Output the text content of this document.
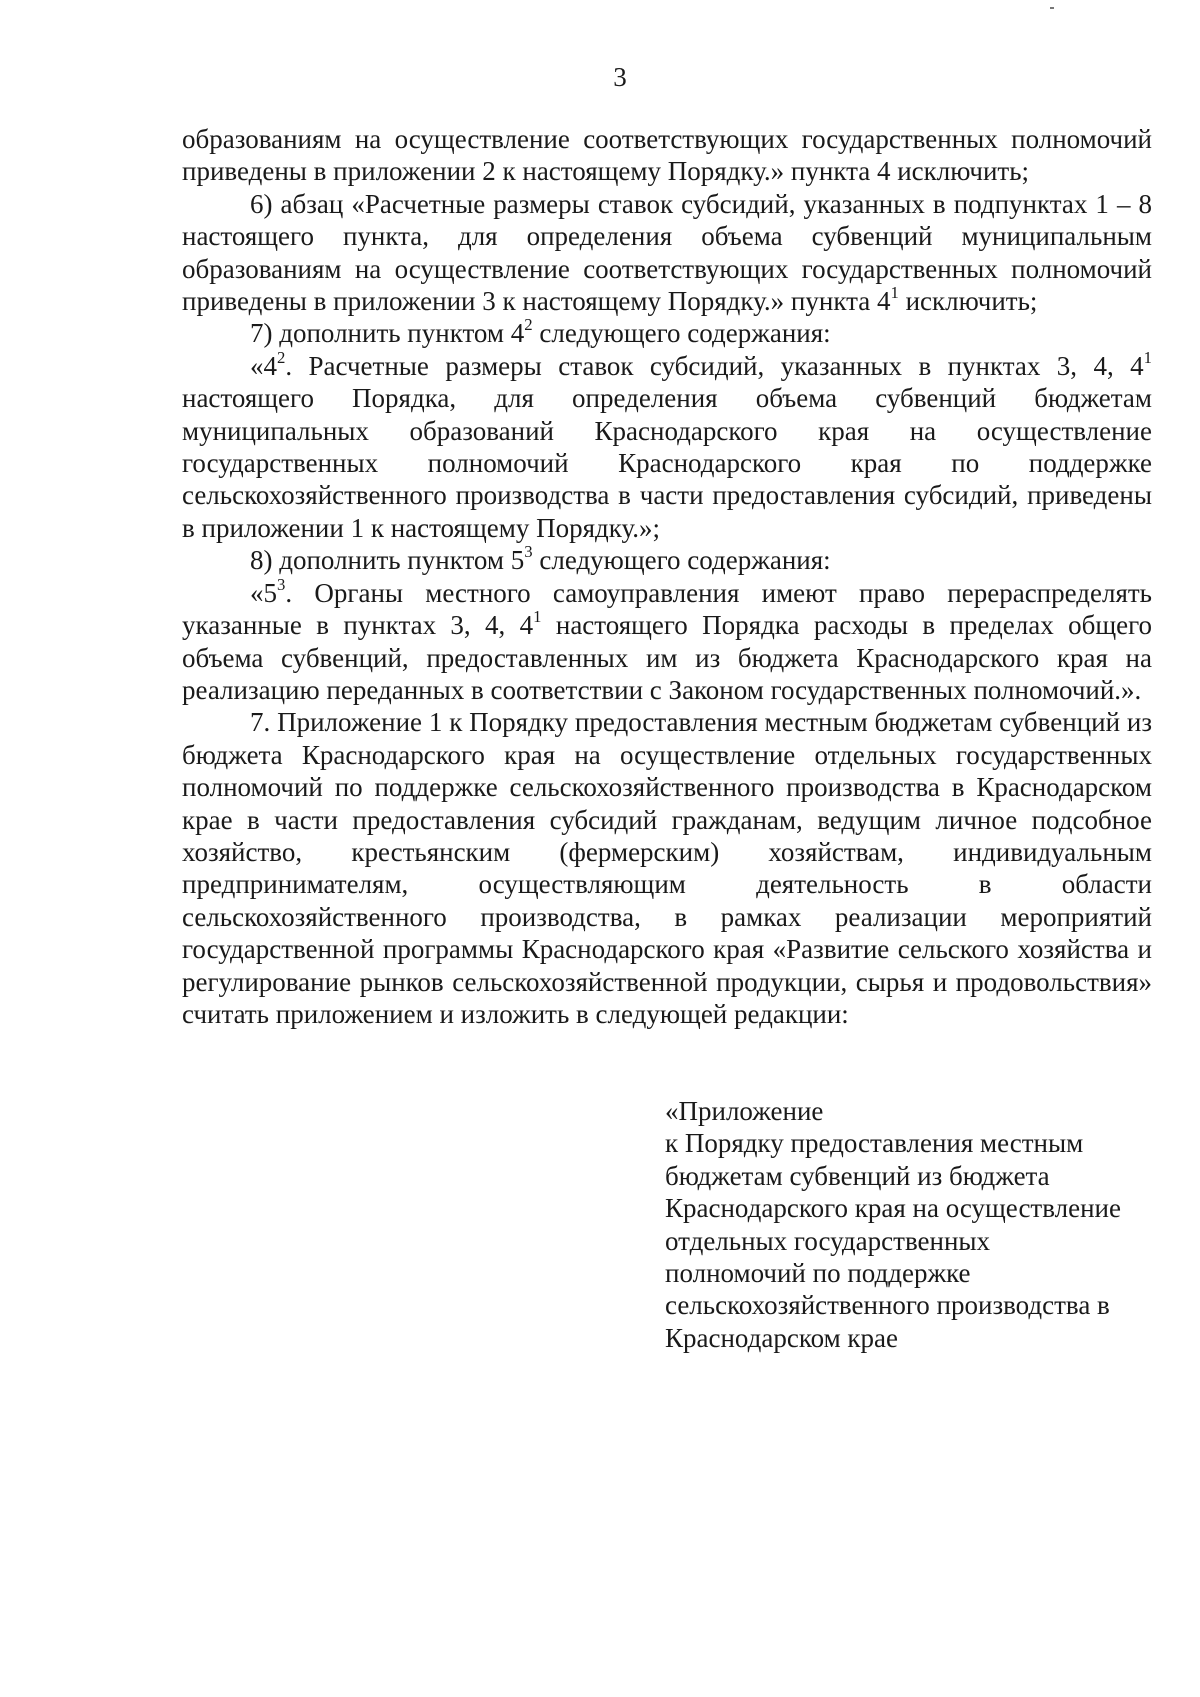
3

образованиям на осуществление соответствующих государственных полномочий приведены в приложении 2 к настоящему Порядку.» пункта 4 исключить;

6) абзац «Расчетные размеры ставок субсидий, указанных в подпунктах 1 – 8 настоящего пункта, для определения объема субвенций муниципальным образованиям на осуществление соответствующих государственных полномочий приведены в приложении 3 к настоящему Порядку.» пункта $4^1$ исключить;

7) дополнить пунктом $4^2$ следующего содержания:

«$4^2$. Расчетные размеры ставок субсидий, указанных в пунктах 3, 4, $4^1$ настоящего Порядка, для определения объема субвенций бюджетам муниципальных образований Краснодарского края на осуществление государственных полномочий Краснодарского края по поддержке сельскохозяйственного производства в части предоставления субсидий, приведены в приложении 1 к настоящему Порядку.»;

8) дополнить пунктом $5^3$ следующего содержания:

«$5^3$. Органы местного самоуправления имеют право перераспределять указанные в пунктах 3, 4, $4^1$ настоящего Порядка расходы в пределах общего объема субвенций, предоставленных им из бюджета Краснодарского края на реализацию переданных в соответствии с Законом государственных полномочий.».

7. Приложение 1 к Порядку предоставления местным бюджетам субвенций из бюджета Краснодарского края на осуществление отдельных государственных полномочий по поддержке сельскохозяйственного производства в Краснодарском крае в части предоставления субсидий гражданам, ведущим личное подсобное хозяйство, крестьянским (фермерским) хозяйствам, индивидуальным предпринимателям, осуществляющим деятельность в области сельскохозяйственного производства, в рамках реализации мероприятий государственной программы Краснодарского края «Развитие сельского хозяйства и регулирование рынков сельскохозяйственной продукции, сырья и продовольствия» считать приложением и изложить в следующей редакции:

«Приложение
к Порядку предоставления местным
бюджетам субвенций из бюджета
Краснодарского края на осуществление
отдельных государственных
полномочий по поддержке
сельскохозяйственного производства в
Краснодарском крае
